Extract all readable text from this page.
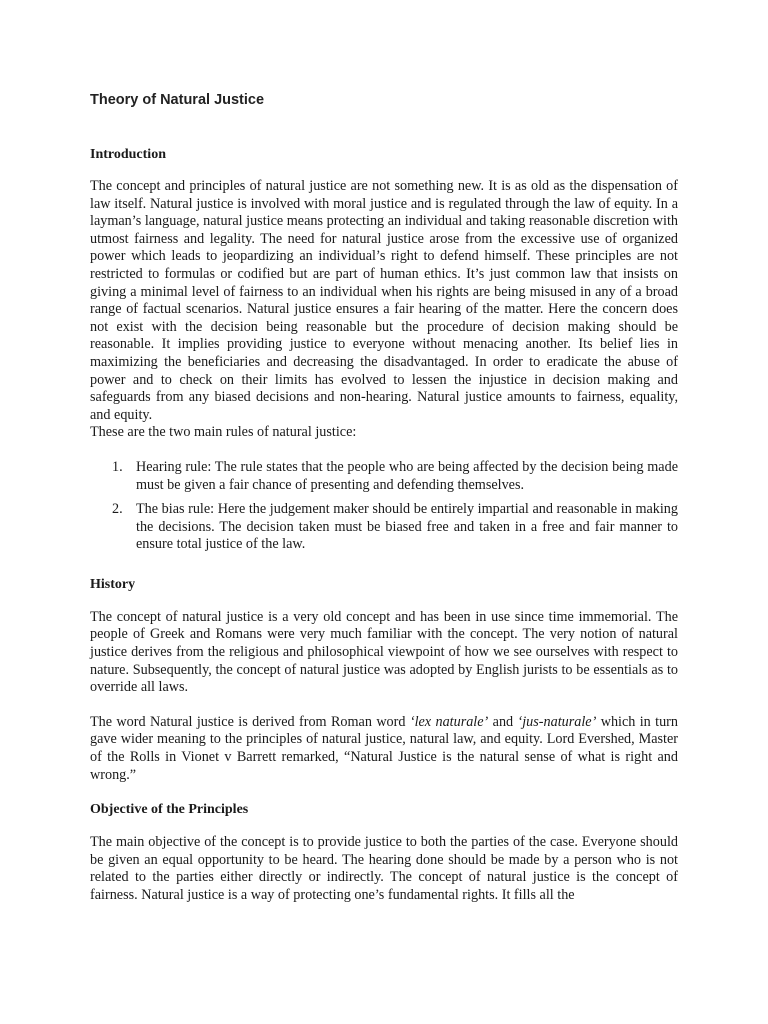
Theory of Natural Justice
Introduction

The concept and principles of natural justice are not something new. It is as old as the dispensation of law itself. Natural justice is involved with moral justice and is regulated through the law of equity. In a layman’s language, natural justice means protecting an individual and taking reasonable discretion with utmost fairness and legality. The need for natural justice arose from the excessive use of organized power which leads to jeopardizing an individual’s right to defend himself. These principles are not restricted to formulas or codified but are part of human ethics. It’s just common law that insists on giving a minimal level of fairness to an individual when his rights are being misused in any of a broad range of factual scenarios. Natural justice ensures a fair hearing of the matter. Here the concern does not exist with the decision being reasonable but the procedure of decision making should be reasonable. It implies providing justice to everyone without menacing another. Its belief lies in maximizing the beneficiaries and decreasing the disadvantaged. In order to eradicate the abuse of power and to check on their limits has evolved to lessen the injustice in decision making and safeguards from any biased decisions and non-hearing. Natural justice amounts to fairness, equality, and equity.

These are the two main rules of natural justice:

1. Hearing rule: The rule states that the people who are being affected by the decision being made must be given a fair chance of presenting and defending themselves.
2. The bias rule: Here the judgement maker should be entirely impartial and reasonable in making the decisions. The decision taken must be biased free and taken in a free and fair manner to ensure total justice of the law.
History

The concept of natural justice is a very old concept and has been in use since time immemorial. The people of Greek and Romans were very much familiar with the concept. The very notion of natural justice derives from the religious and philosophical viewpoint of how we see ourselves with respect to nature. Subsequently, the concept of natural justice was adopted by English jurists to be essentials as to override all laws.

The word Natural justice is derived from Roman word ‘lex naturale’ and ‘jus-naturale’ which in turn gave wider meaning to the principles of natural justice, natural law, and equity. Lord Evershed, Master of the Rolls in Vionet v Barrett remarked, “Natural Justice is the natural sense of what is right and wrong.”

Objective of the Principles

The main objective of the concept is to provide justice to both the parties of the case. Everyone should be given an equal opportunity to be heard. The hearing done should be made by a person who is not related to the parties either directly or indirectly. The concept of natural justice is the concept of fairness. Natural justice is a way of protecting one’s fundamental rights. It fills all the
